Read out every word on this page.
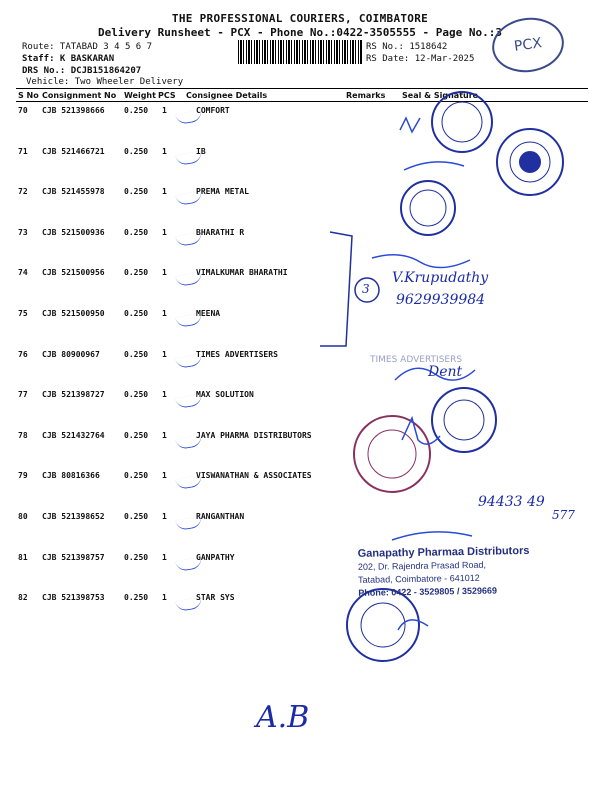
THE PROFESSIONAL COURIERS, COIMBATORE
Delivery Runsheet - PCX - Phone No.:0422-3505555 - Page No.:3
PCX
Route: TATABAD 3 4 5 6 7
Staff: K BASKARAN
DRS No.: DCJB151864207
Vehicle: Two Wheeler Delivery
RS No.: 1518642
RS Date: 12-Mar-2025
S No Consignment No Weight PCS Consignee Details	Remarks Seal & Signature
70 CJB 521398666 0.250 1	COMFORT
71 CJB 521466721 0.250 1	IB
72 CJB 521455978 0.250 1	PREMA METAL
73 CJB 521500936 0.250 1	BHARATHI R
74 CJB 521500956 0.250 1	VIMALKUMAR BHARATHI
75 CJB 521500950 0.250 1	MEENA
76 CJB 80900967	0.250 1	TIMES ADVERTISERS
77 CJB 521398727 0.250 1	MAX SOLUTION
78 CJB 521432764 0.250 1	JAYA PHARMA DISTRIBUTORS
79 CJB 80816366	0.250 1	VISWANATHAN & ASSOCIATES
80 CJB 521398652 0.250 1	RANGANTHAN
81 CJB 521398757 0.250 1	GANPATHY
82 CJB 521398753 0.250 1	STAR SYS
TIMES ADVERTISERS
3
V.Krupudathy
9629939984
Dent
94433 49
577
Ganapathy Pharmaa Distributors
202, Dr. Rajendra Prasad Road,
Tatabad, Coimbatore - 641012
Phone: 0422 - 3529805 / 3529669
A.B
